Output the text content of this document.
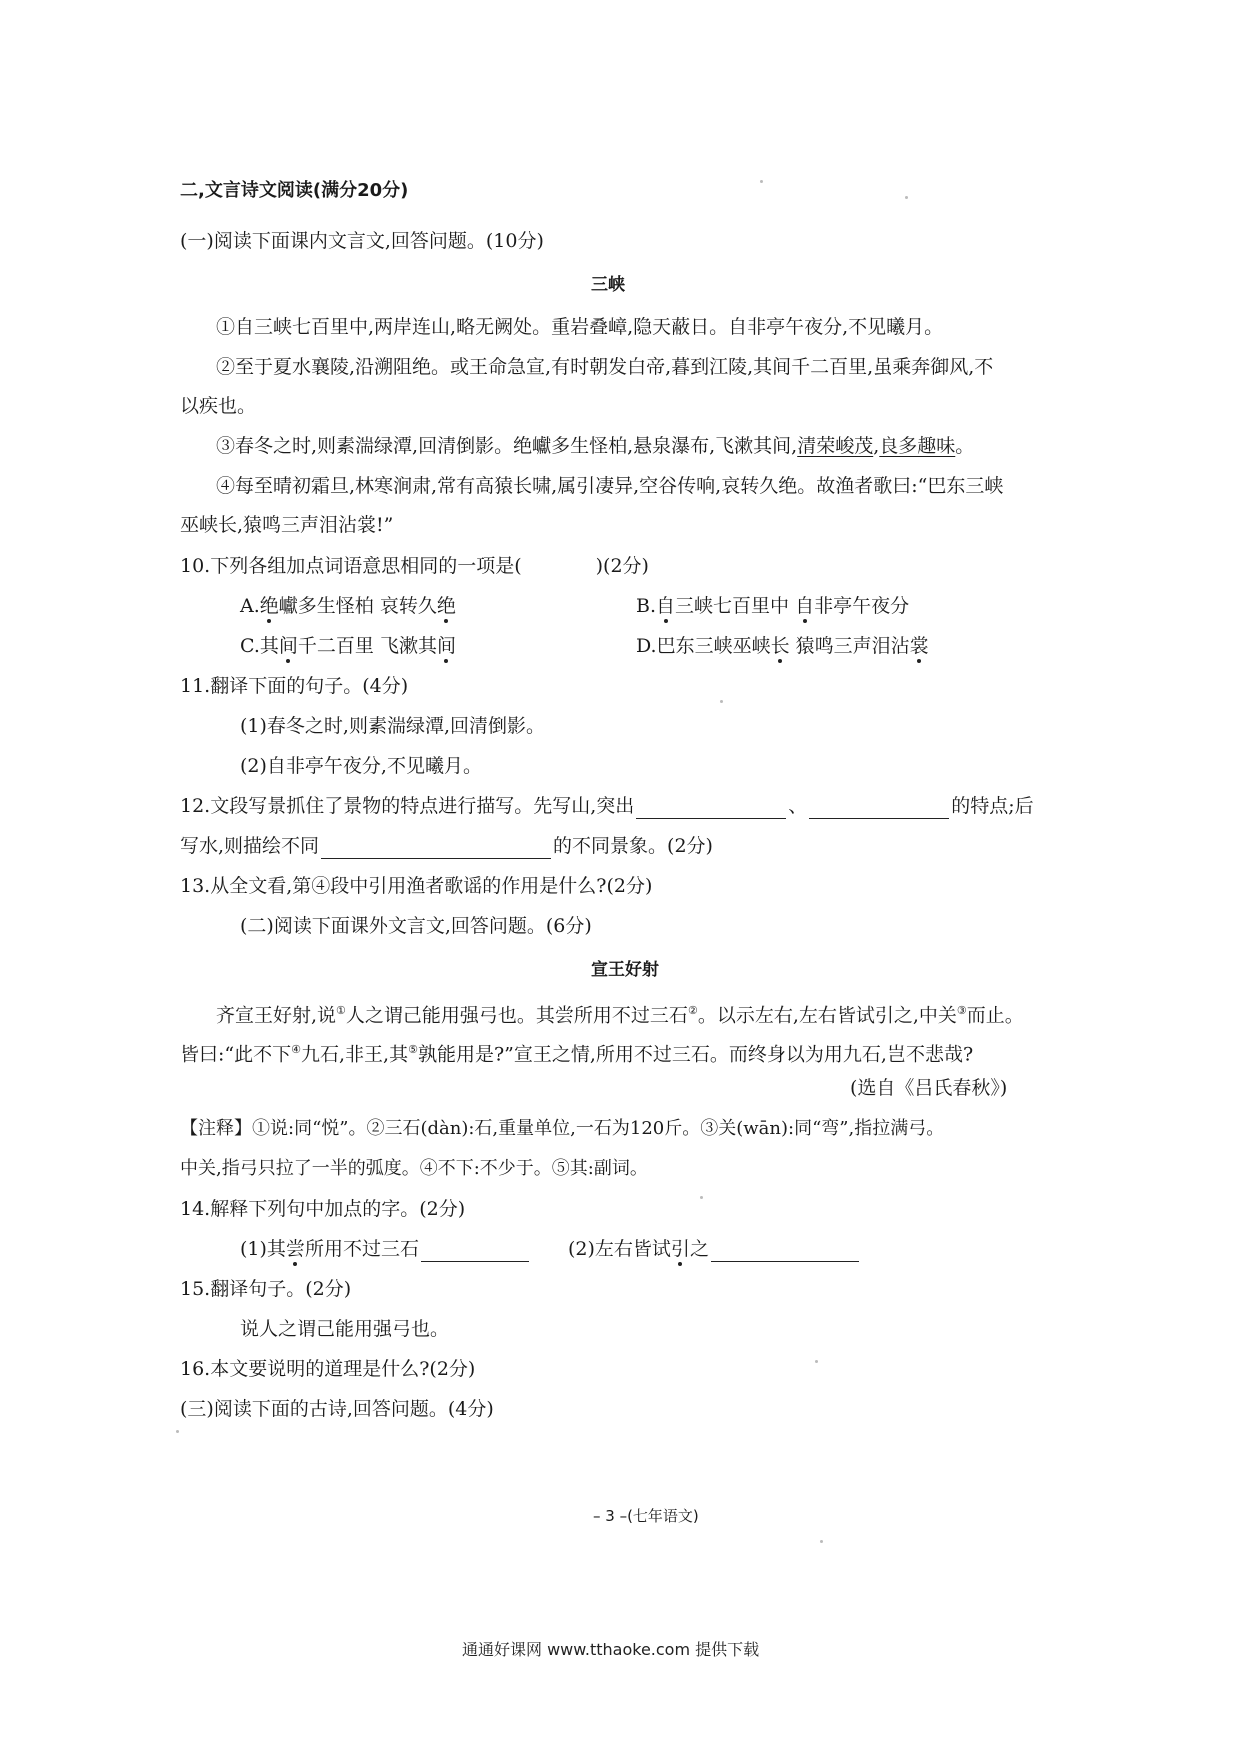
二,文言诗文阅读(满分20分)
(一)阅读下面课内文言文,回答问题。(10分)
三峡
①自三峡七百里中,两岸连山,略无阙处。重岩叠嶂,隐天蔽日。自非亭午夜分,不见曦月。
②至于夏水襄陵,沿溯阻绝。或王命急宣,有时朝发白帝,暮到江陵,其间千二百里,虽乘奔御风,不
以疾也。
③春冬之时,则素湍绿潭,回清倒影。绝巘多生怪柏,悬泉瀑布,飞漱其间,清荣峻茂,良多趣味。
④每至晴初霜旦,林寒涧肃,常有高猿长啸,属引凄异,空谷传响,哀转久绝。故渔者歌曰:“巴东三峡
巫峡长,猿鸣三声泪沾裳!”
10.下列各组加点词语意思相同的一项是(	)(2分)
A.绝巘多生怪柏 哀转久绝	B.自三峡七百里中 自非亭午夜分
C.其间千二百里 飞漱其间	D.巴东三峡巫峡长 猿鸣三声泪沾裳
11.翻译下面的句子。(4分)
(1)春冬之时,则素湍绿潭,回清倒影。
(2)自非亭午夜分,不见曦月。
12.文段写景抓住了景物的特点进行描写。先写山,突出	、	的特点;后
写水,则描绘不同	的不同景象。(2分)
13.从全文看,第④段中引用渔者歌谣的作用是什么?(2分)
(二)阅读下面课外文言文,回答问题。(6分)
宣王好射
齐宣王好射,说①人之谓己能用强弓也。其尝所用不过三石②。以示左右,左右皆试引之,中关③而止。
皆曰:“此不下④九石,非王,其⑤孰能用是?”宣王之情,所用不过三石。而终身以为用九石,岂不悲哉?
(选自《吕氏春秋》)
【注释】①说:同“悦”。②三石(dàn):石,重量单位,一石为120斤。③关(wān):同“弯”,指拉满弓。
中关,指弓只拉了一半的弧度。④不下:不少于。⑤其:副词。
14.解释下列句中加点的字。(2分)
(1)其尝所用不过三石	(2)左右皆试引之
15.翻译句子。(2分)
说人之谓己能用强弓也。
16.本文要说明的道理是什么?(2分)
(三)阅读下面的古诗,回答问题。(4分)
– 3 –(七年语文)
通通好课网 www.tthaoke.com 提供下载
